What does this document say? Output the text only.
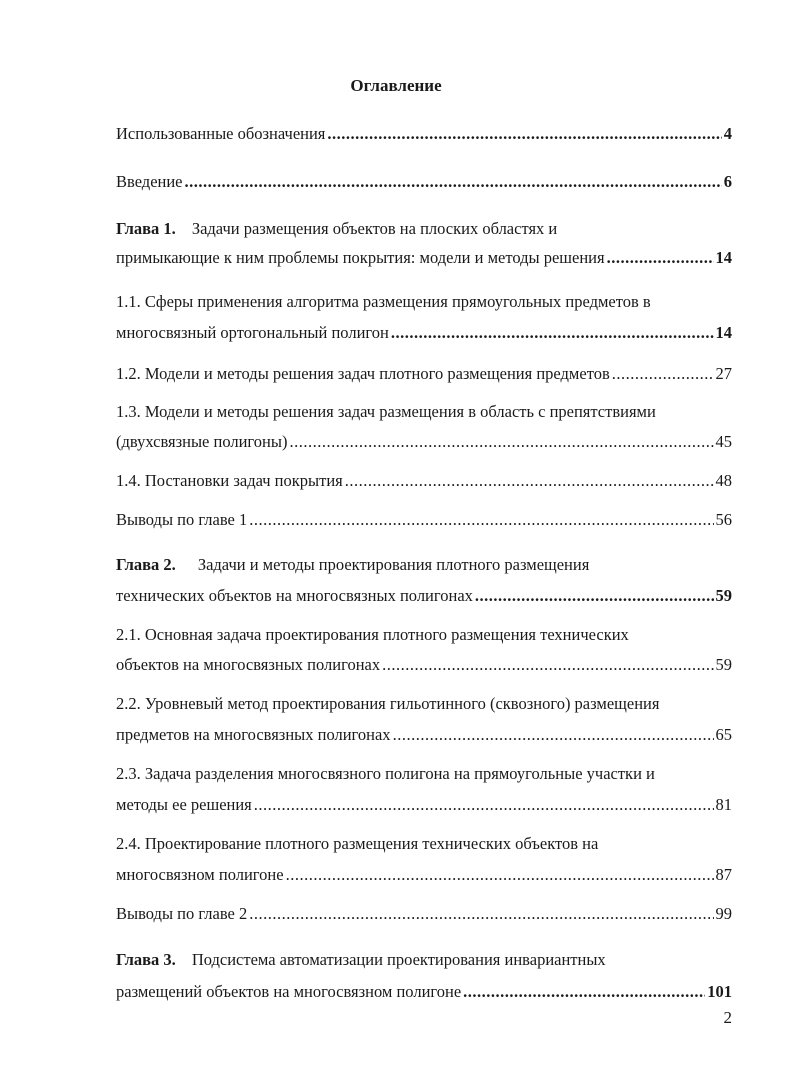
Оглавление
Использованные обозначения .....	4
Введение .....	6
Глава 1. Задачи размещения объектов на плоских областях и
примыкающие к ним проблемы покрытия: модели и методы решения .....	14
1.1. Сферы применения алгоритма размещения прямоугольных предметов в
многосвязный ортогональный полигон .....	14
1.2. Модели и методы решения задач плотного размещения предметов .....	27
1.3. Модели и методы решения задач размещения в область с препятствиями
(двухсвязные полигоны) .....	45
1.4. Постановки задач покрытия .....	48
Выводы по главе 1 .....	56
Глава 2. Задачи и методы проектирования плотного размещения
технических объектов на многосвязных полигонах .....	59
2.1. Основная задача проектирования плотного размещения технических
объектов на многосвязных полигонах .....	59
2.2. Уровневый метод проектирования гильотинного (сквозного) размещения
предметов на многосвязных полигонах .....	65
2.3. Задача разделения многосвязного полигона на прямоугольные участки и
методы ее решения .....	81
2.4. Проектирование плотного размещения технических объектов на
многосвязном полигоне .....	87
Выводы по главе 2 .....	99
Глава 3. Подсистема автоматизации проектирования инвариантных
размещений объектов на многосвязном полигоне .....	101
2
